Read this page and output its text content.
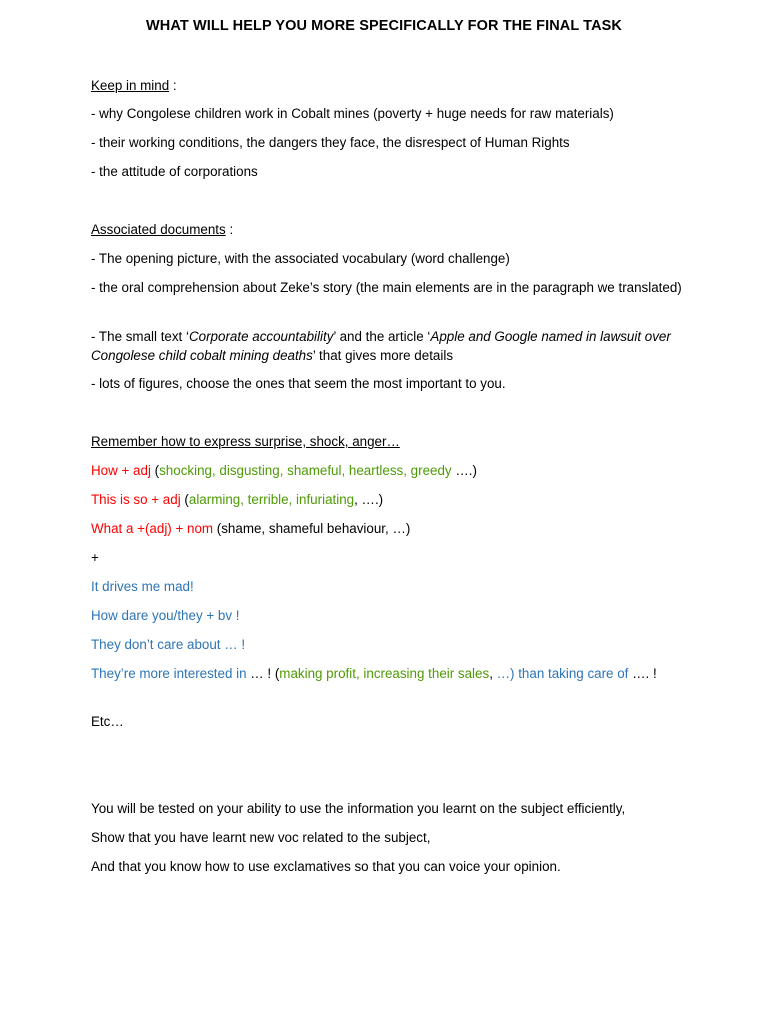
WHAT WILL HELP YOU MORE SPECIFICALLY FOR THE FINAL TASK

Keep in mind :

- why Congolese children work in Cobalt mines (poverty + huge needs for raw materials)

- their working conditions, the dangers they face, the disrespect of Human Rights

- the attitude of corporations

Associated documents :

- The opening picture, with the associated vocabulary (word challenge)

- the oral comprehension about Zeke’s story (the main elements are in the paragraph we translated)

- The small text ‘Corporate accountability’ and the article ‘Apple and Google named in lawsuit over Congolese child cobalt mining deaths’ that gives more details

- lots of figures, choose the ones that seem the most important to you.

Remember how to express surprise, shock, anger…

How + adj (shocking, disgusting, shameful, heartless, greedy ….)

This is so + adj (alarming, terrible, infuriating, ….)

What a +(adj) + nom (shame, shameful behaviour, …)

+

It drives me mad!

How dare you/they + bv !

They don’t care about … !

They’re more interested in … ! (making profit, increasing their sales, …) than taking care of …. !

Etc…

You will be tested on your ability to use the information you learnt on the subject efficiently,

Show that you have learnt new voc related to the subject,

And that you know how to use exclamatives so that you can voice your opinion.
